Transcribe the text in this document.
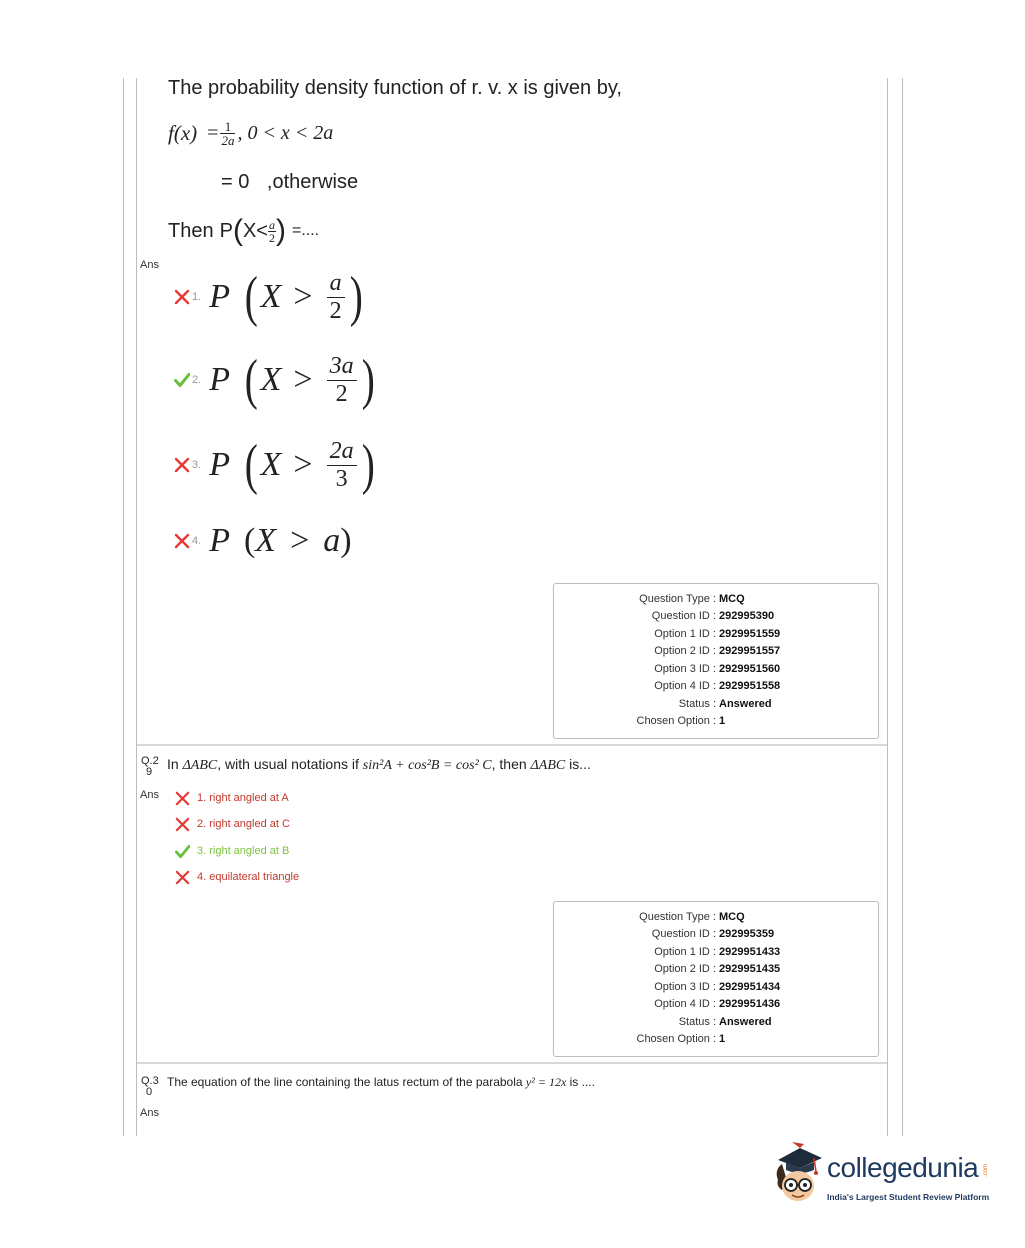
The probability density function of r. v. x is given by,
$f(x) = \frac{1}{2a}$ , 0 < x < 2a
= 0 ,otherwise
Then P ( $X< \frac{a}{2}$ ) =....
Ans
1. P ( $X > \frac{a}{2}$ )
2. P ( $X > \frac{3a}{2}$ )
3. P ( $X > \frac{2a}{3}$ )
4. P ( X > a )
Question Type : MCQ
Question ID : 292995390
Option 1 ID : 2929951559
Option 2 ID : 2929951557
Option 3 ID : 2929951560
Option 4 ID : 2929951558
Status : Answered
Chosen Option : 1
Q.2
9	In ΔABC, with usual notations if sin²A + cos²B = cos² C, then ΔABC is...
Ans	1. right angled at A
2. right angled at C
3. right angled at B
4. equilateral triangle
Question Type : MCQ
Question ID : 292995359
Option 1 ID : 2929951433
Option 2 ID : 2929951435
Option 3 ID : 2929951434
Option 4 ID : 2929951436
Status : Answered
Chosen Option : 1
Q.3
0
The equation of the line containing the latus rectum of the parabola y² = 12x is ....
Ans
collegedunia .com
India's Largest Student Review Platform
